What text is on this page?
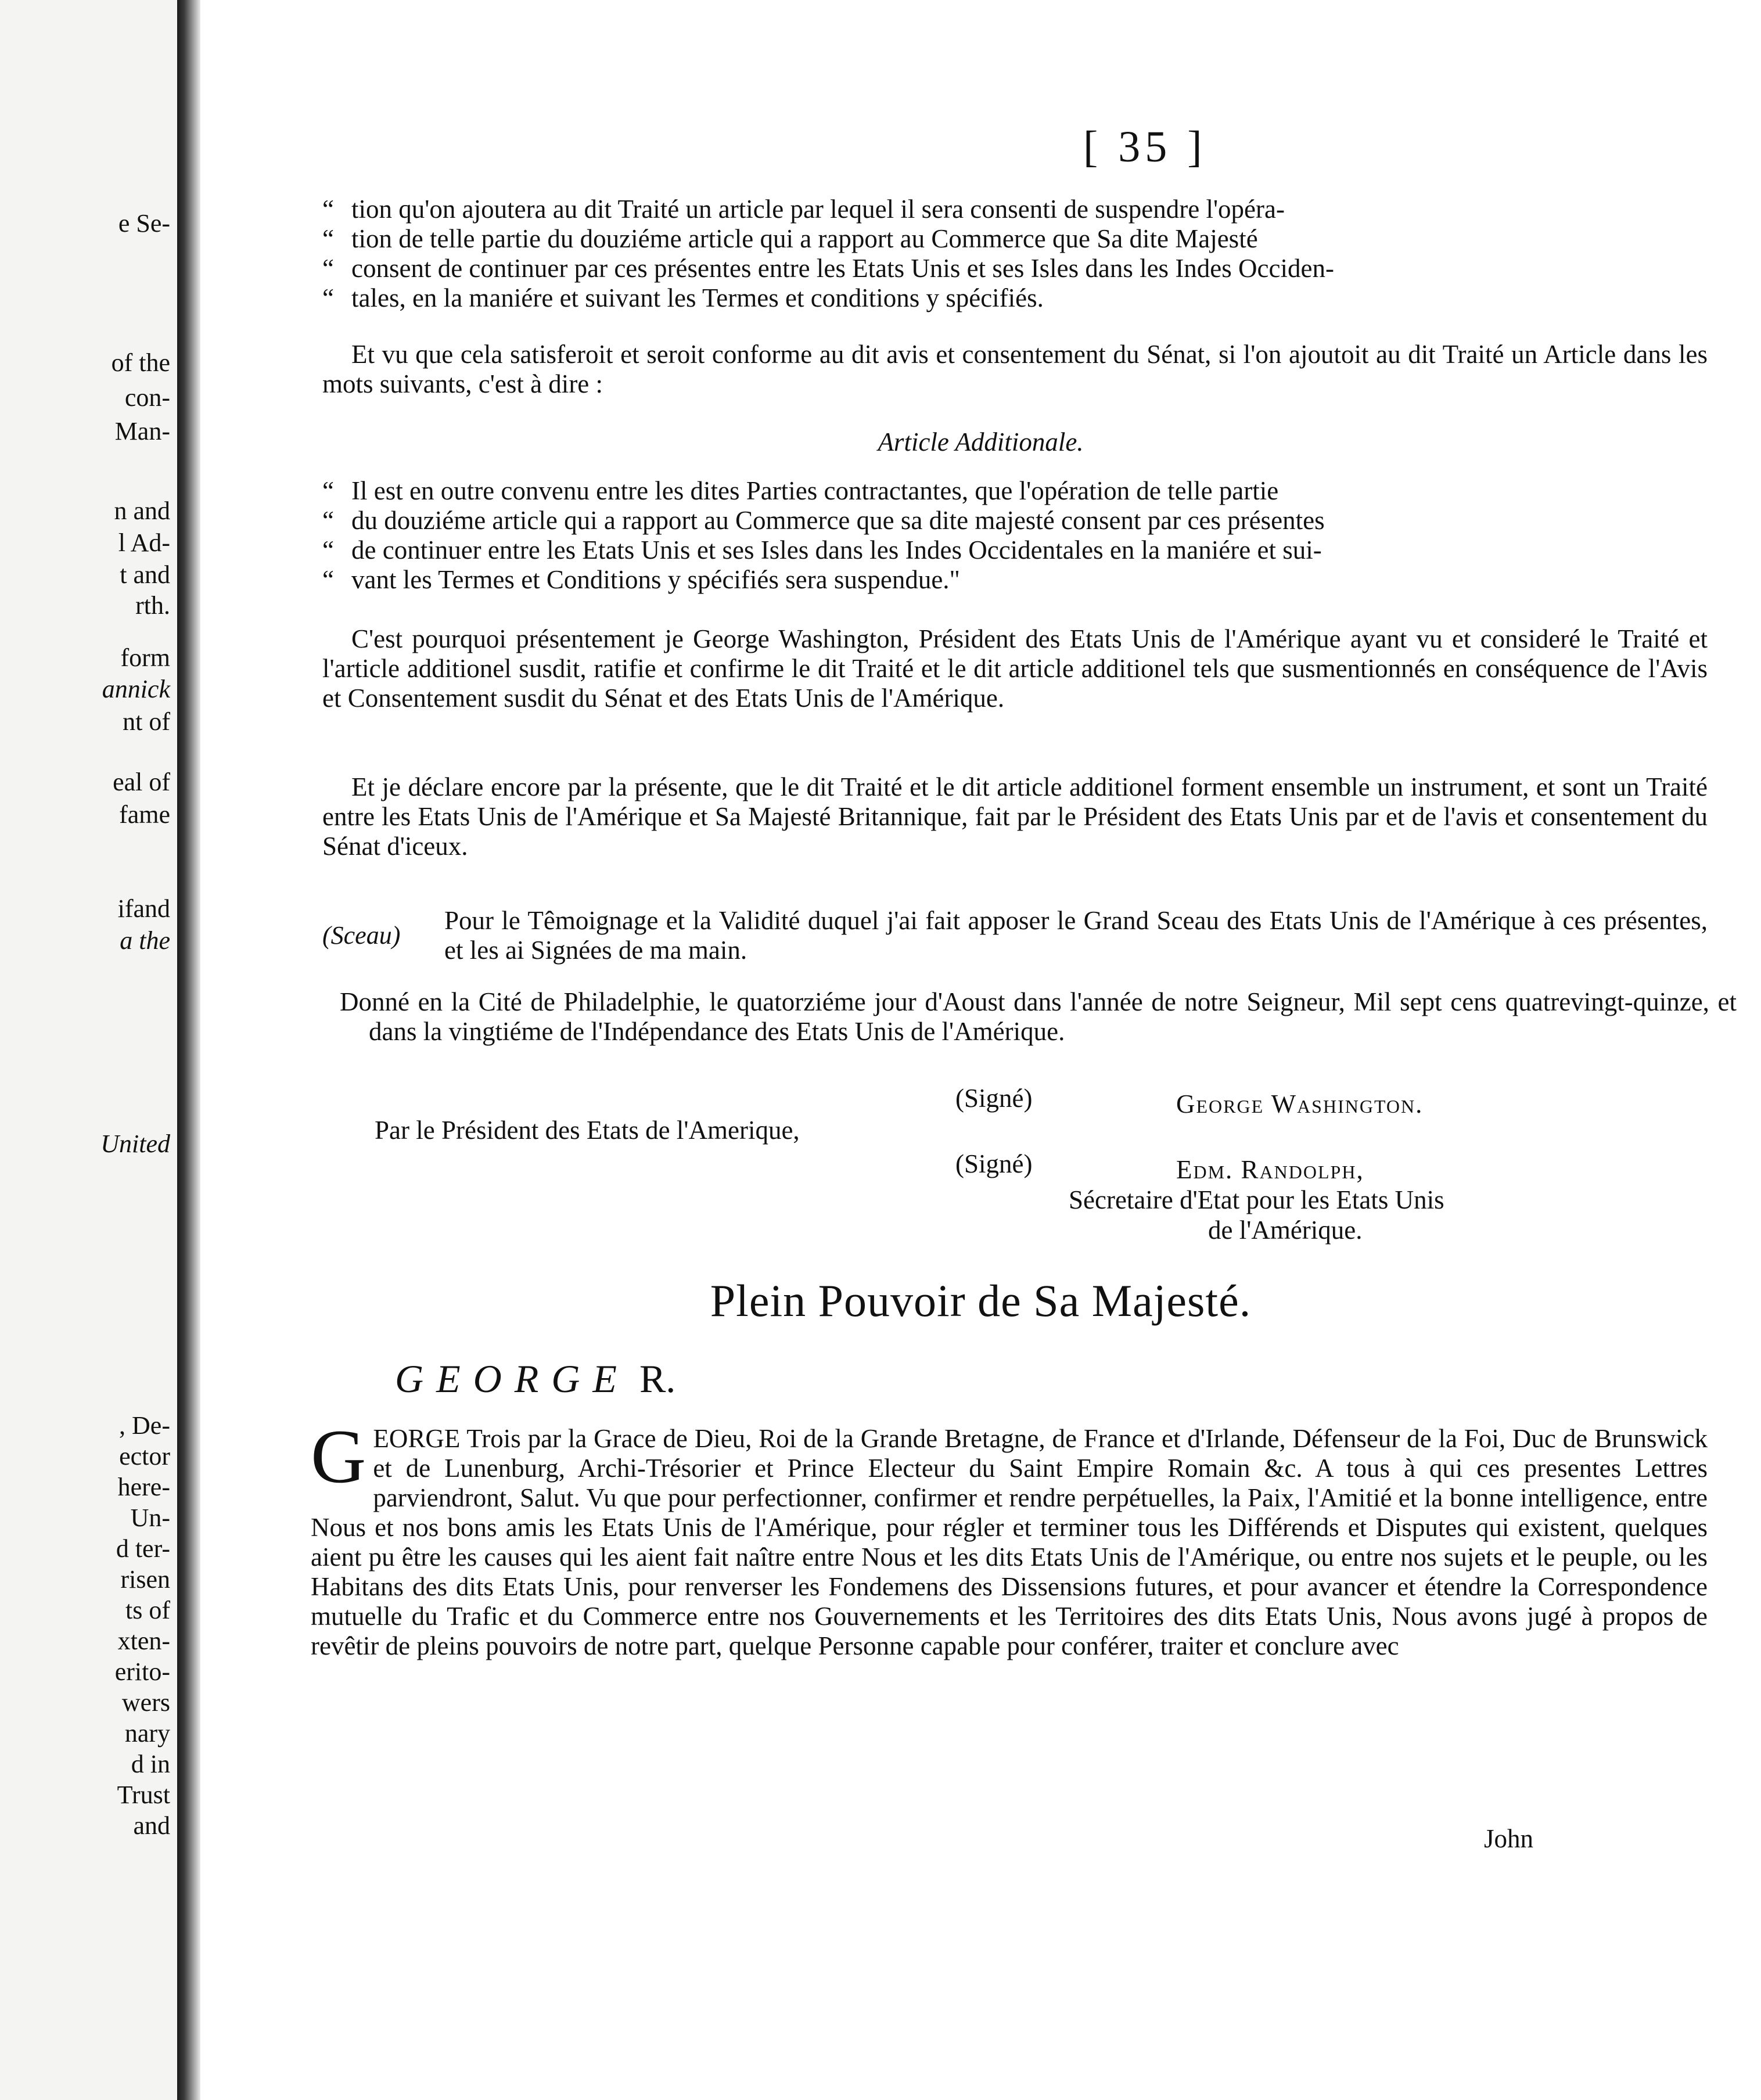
e Se-
of the
con-
Man-
n and
l Ad-
t and
rth.
form
annick
nt of
eal of
fame
ifand
a the
United
, De-
ector
here-
Un-
d ter-
risen
ts of
xten-
erito-
wers
nary
d in
Trust
and
[ 35 ]

“ tion qu'on ajoutera au dit Traité un article par lequel il sera consenti de suspendre l'opéra-

“ tion de telle partie du douziéme article qui a rapport au Commerce que Sa dite Majesté

“ consent de continuer par ces présentes entre les Etats Unis et ses Isles dans les Indes Occiden-

“ tales, en la maniére et suivant les Termes et conditions y spécifiés.

Et vu que cela satisferoit et seroit conforme au dit avis et consentement du Sénat, si l'on ajoutoit au dit Traité un Article dans les mots suivants, c'est à dire :

Article Additionale.

“ Il est en outre convenu entre les dites Parties contractantes, que l'opération de telle partie

“ du douziéme article qui a rapport au Commerce que sa dite majesté consent par ces présentes

“ de continuer entre les Etats Unis et ses Isles dans les Indes Occidentales en la maniére et sui-

“ vant les Termes et Conditions y spécifiés sera suspendue."

C'est pourquoi présentement je George Washington, Président des Etats Unis de l'Amérique ayant vu et consideré le Traité et l'article additionel susdit, ratifie et confirme le dit Traité et le dit article additionel tels que susmentionnés en conséquence de l'Avis et Consentement susdit du Sénat et des Etats Unis de l'Amérique.

Et je déclare encore par la présente, que le dit Traité et le dit article additionel forment ensemble un instrument, et sont un Traité entre les Etats Unis de l'Amérique et Sa Majesté Britannique, fait par le Président des Etats Unis par et de l'avis et consentement du Sénat d'iceux.

(Sceau)

Pour le Têmoignage et la Validité duquel j'ai fait apposer le Grand Sceau des Etats Unis de l'Amérique à ces présentes, et les ai Signées de ma main.

Donné en la Cité de Philadelphie, le quatorziéme jour d'Aoust dans l'année de notre Seigneur, Mil sept cens quatrevingt-quinze, et dans la vingtiéme de l'Indépendance des Etats Unis de l'Amérique.

(Signé)	George Washington.
Par le Président des Etats de l'Amerique,
(Signé)	Edm. Randolph,
Sécretaire d'Etat pour les Etats Unis
de l'Amérique.
Plein Pouvoir de Sa Majesté.
GEORGE R.
G EORGE Trois par la Grace de Dieu, Roi de la Grande Bretagne, de France et d'Irlande, Défenseur de la Foi, Duc de Brunswick et de Lunenburg, Archi-Trésorier et Prince Electeur du Saint Empire Romain &c. A tous à qui ces presentes Lettres parviendront, Salut. Vu que pour perfectionner, confirmer et rendre perpétuelles, la Paix, l'Amitié et la bonne intelligence, entre Nous et nos bons amis les Etats Unis de l'Amérique, pour régler et terminer tous les Différends et Disputes qui existent, quelques aient pu être les causes qui les aient fait naître entre Nous et les dits Etats Unis de l'Amérique, ou entre nos sujets et le peuple, ou les Habitans des dits Etats Unis, pour renverser les Fondemens des Dissensions futures, et pour avancer et étendre la Correspondence mutuelle du Trafic et du Commerce entre nos Gouvernements et les Territoires des dits Etats Unis, Nous avons jugé à propos de revêtir de pleins pouvoirs de notre part, quelque Personne capable pour conférer, traiter et conclure avec
John
